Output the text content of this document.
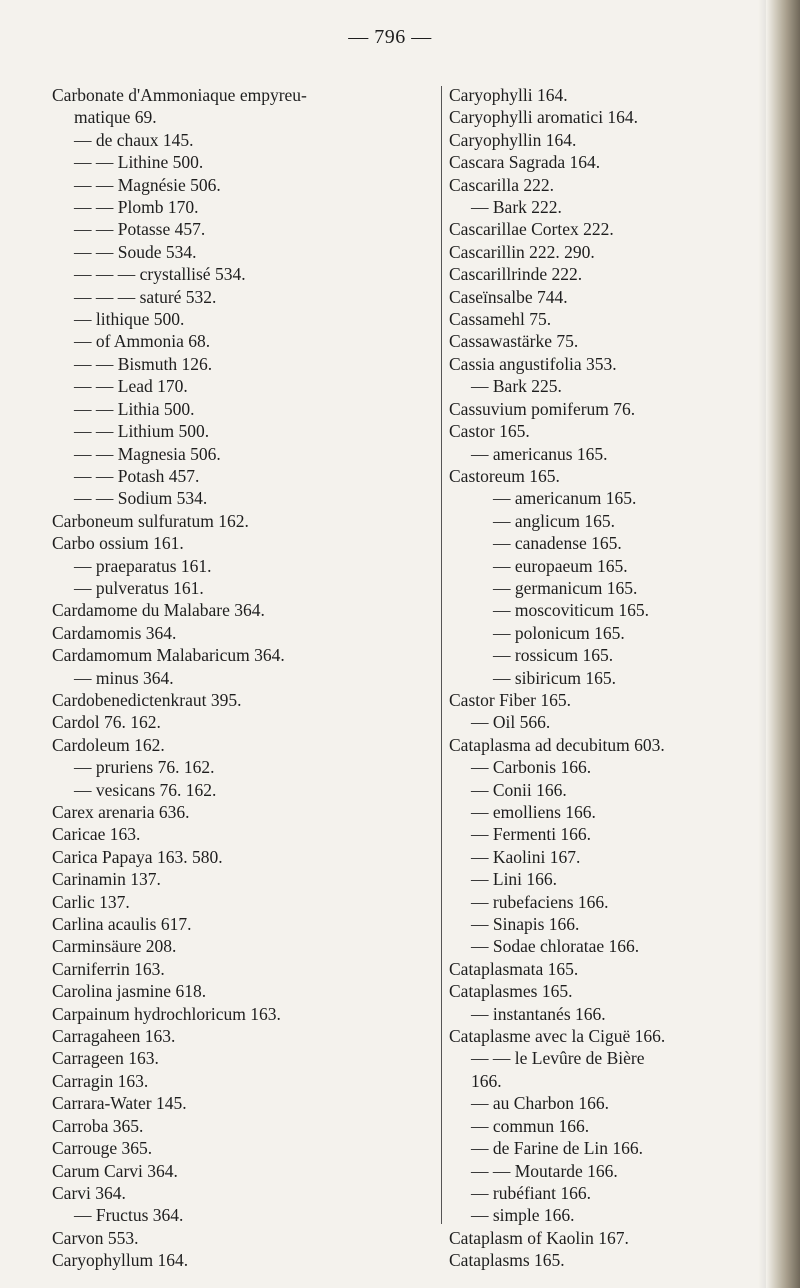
— 796 —
Carbonate d'Ammoniaque empyreu-
matique 69.
— de chaux 145.
— — Lithine 500.
— — Magnésie 506.
— — Plomb 170.
— — Potasse 457.
— — Soude 534.
— — — crystallisé 534.
— — — saturé 532.
— lithique 500.
— of Ammonia 68.
— — Bismuth 126.
— — Lead 170.
— — Lithia 500.
— — Lithium 500.
— — Magnesia 506.
— — Potash 457.
— — Sodium 534.
Carboneum sulfuratum 162.
Carbo ossium 161.
— praeparatus 161.
— pulveratus 161.
Cardamome du Malabare 364.
Cardamomis 364.
Cardamomum Malabaricum 364.
— minus 364.
Cardobenedictenkraut 395.
Cardol 76. 162.
Cardoleum 162.
— pruriens 76. 162.
— vesicans 76. 162.
Carex arenaria 636.
Caricae 163.
Carica Papaya 163. 580.
Carinamin 137.
Carlic 137.
Carlina acaulis 617.
Carminsäure 208.
Carniferrin 163.
Carolina jasmine 618.
Carpainum hydrochloricum 163.
Carragaheen 163.
Carrageen 163.
Carragin 163.
Carrara-Water 145.
Carroba 365.
Carrouge 365.
Carum Carvi 364.
Carvi 364.
— Fructus 364.
Carvon 553.
Caryophyllum 164.
Caryophylli 164.
Caryophylli aromatici 164.
Caryophyllin 164.
Cascara Sagrada 164.
Cascarilla 222.
— Bark 222.
Cascarillae Cortex 222.
Cascarillin 222. 290.
Cascarillrinde 222.
Caseïnsalbe 744.
Cassamehl 75.
Cassawastärke 75.
Cassia angustifolia 353.
— Bark 225.
Cassuvium pomiferum 76.
Castor 165.
— americanus 165.
Castoreum 165.
— americanum 165.
— anglicum 165.
— canadense 165.
— europaeum 165.
— germanicum 165.
— moscoviticum 165.
— polonicum 165.
— rossicum 165.
— sibiricum 165.
Castor Fiber 165.
— Oil 566.
Cataplasma ad decubitum 603.
— Carbonis 166.
— Conii 166.
— emolliens 166.
— Fermenti 166.
— Kaolini 167.
— Lini 166.
— rubefaciens 166.
— Sinapis 166.
— Sodae chloratae 166.
Cataplasmata 165.
Cataplasmes 165.
— instantanés 166.
Cataplasme avec la Ciguë 166.
— — le Levûre de Bière
166.
— au Charbon 166.
— commun 166.
— de Farine de Lin 166.
— — Moutarde 166.
— rubéfiant 166.
— simple 166.
Cataplasm of Kaolin 167.
Cataplasms 165.
